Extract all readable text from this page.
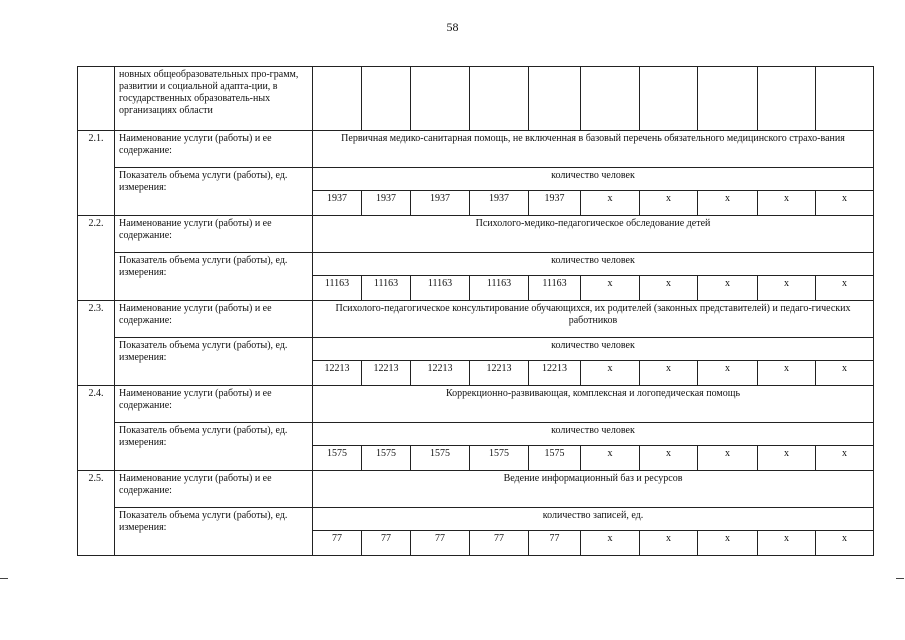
58
	новных общеобразовательных про-грамм, развитии и социальной адапта-ции, в государственных образователь-ных организациях области										
2.1.	Наименование услуги (работы) и ее содержание:	Первичная медико-санитарная помощь, не включенная в базовый перечень обязательного медицинского страхо-вания									
	Показатель объема услуги (работы), ед. измерения:	количество человек									
		1937	1937	1937	1937	1937	x	x	x	x	x
2.2.	Наименование услуги (работы) и ее содержание:	Психолого-медико-педагогическое обследование детей									
	Показатель объема услуги (работы), ед. измерения:	количество человек									
		11163	11163	11163	11163	11163	x	x	x	x	x
2.3.	Наименование услуги (работы) и ее содержание:	Психолого-педагогическое консультирование обучающихся, их родителей (законных представителей) и педаго-гических работников									
	Показатель объема услуги (работы), ед. измерения:	количество человек									
		12213	12213	12213	12213	12213	x	x	x	x	x
2.4.	Наименование услуги (работы) и ее содержание:	Коррекционно-развивающая, комплексная и логопедическая помощь									
	Показатель объема услуги (работы), ед. измерения:	количество человек									
		1575	1575	1575	1575	1575	x	x	x	x	x
2.5.	Наименование услуги (работы) и ее содержание:	Ведение информационный баз и ресурсов									
	Показатель объема услуги (работы), ед. измерения:	количество записей, ед.									
		77	77	77	77	77	x	x	x	x	x
